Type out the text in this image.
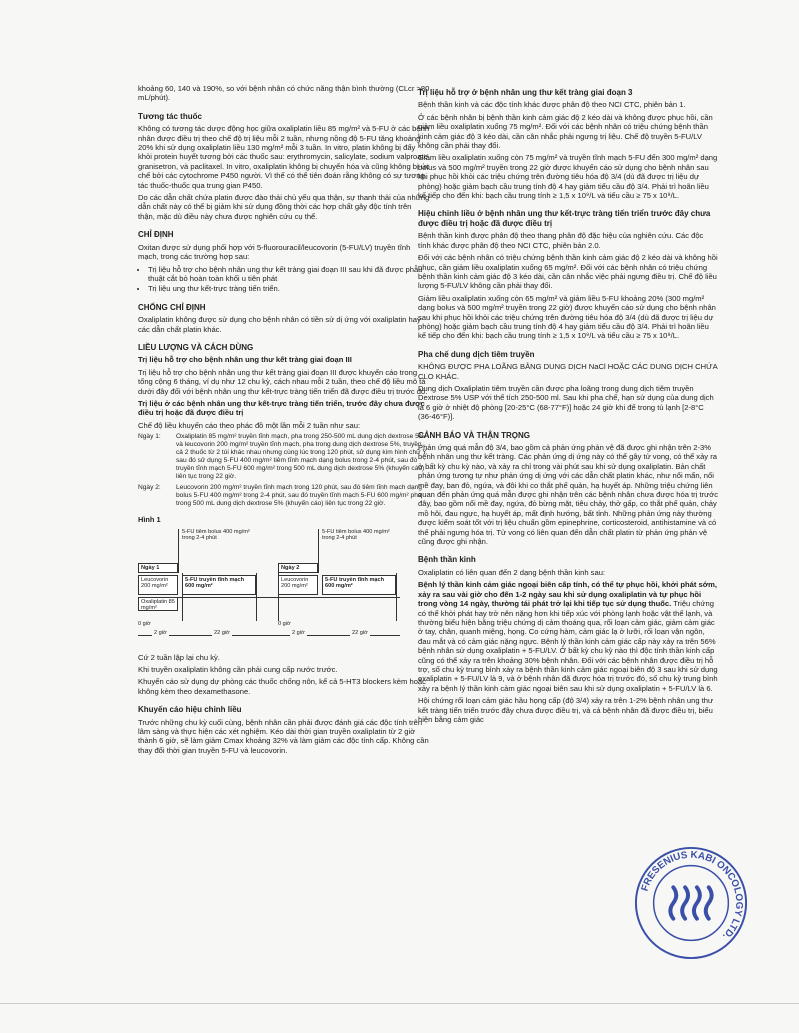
khoảng 60, 140 và 190%, so với bệnh nhân có chức năng thận bình thường (CLcr >80 mL/phút).

Tương tác thuốc

Không có tương tác dược động học giữa oxaliplatin liều 85 mg/m² và 5-FU ở các bệnh nhân được điều trị theo chế độ trị liệu mỗi 2 tuần, nhưng nồng độ 5-FU tăng khoảng 20% khi sử dụng oxaliplatin liều 130 mg/m² mỗi 3 tuần. In vitro, platin không bị đẩy khỏi protein huyết tương bởi các thuốc sau: erythromycin, salicylate, sodium valproate, granisetron, và paclitaxel. In vitro, oxaliplatin không bị chuyển hóa và cũng không bị ức chế bởi các cytochrome P450 người. Vì thế có thể tiên đoán rằng không có sự tương tác thuốc-thuốc qua trung gian P450.

Do các dẫn chất chứa platin được đào thải chủ yếu qua thận, sự thanh thải của những dẫn chất này có thể bị giảm khi sử dụng đồng thời các hợp chất gây độc tính trên thận, mặc dù điều này chưa được nghiên cứu cụ thể.

CHỈ ĐỊNH

Oxitan được sử dụng phối hợp với 5-fluorouracil/leucovorin (5-FU/LV) truyền tĩnh mạch, trong các trường hợp sau:

• Trị liệu hỗ trợ cho bệnh nhân ung thư kết tràng giai đoạn III sau khi đã được phẫu thuật cắt bỏ hoàn toàn khối u tiên phát
• Trị liệu ung thư kết-trực tràng tiến triển.
CHỐNG CHỈ ĐỊNH

Oxaliplatin không được sử dụng cho bệnh nhân có tiền sử dị ứng với oxaliplatin hay các dẫn chất platin khác.

LIỀU LƯỢNG VÀ CÁCH DÙNG

Trị liệu hỗ trợ cho bệnh nhân ung thư kết tràng giai đoạn III

Trị liệu hỗ trợ cho bệnh nhân ung thư kết tràng giai đoạn III được khuyến cáo trong tổng cộng 6 tháng, ví dụ như 12 chu kỳ, cách nhau mỗi 2 tuần, theo chế độ liều mô tả dưới đây đối với bệnh nhân ung thư kết-trực tràng tiến triển đã được điều trị trước đó.

Trị liệu ở các bệnh nhân ung thư kết-trực tràng tiến triển, trước đây chưa được điều trị hoặc đã được điều trị

Chế độ liều khuyến cáo theo phác đồ một lần mỗi 2 tuần như sau:

Ngày 1:	Oxaliplatin 85 mg/m² truyền tĩnh mạch, pha trong 250-500 mL dung dịch dextrose 5% và leucovorin 200 mg/m² truyền tĩnh mạch, pha trong dung dịch dextrose 5%, truyền cả 2 thuốc từ 2 túi khác nhau nhưng cùng lúc trong 120 phút, sử dụng kim hình chữ Y, sau đó sử dụng 5-FU 400 mg/m² tiêm tĩnh mạch dạng bolus trong 2-4 phút, sau đó truyền tĩnh mạch 5-FU 600 mg/m² trong 500 mL dung dịch dextrose 5% (khuyến cáo) liên tục trong 22 giờ.
Ngày 2:	Leucovorin 200 mg/m² truyền tĩnh mạch trong 120 phút, sau đó tiêm tĩnh mạch dạng bolus 5-FU 400 mg/m² trong 2-4 phút, sau đó truyền tĩnh mạch 5-FU 600 mg/m² pha trong 500 mL dung dịch dextrose 5% (khuyến cáo) liên tục trong 22 giờ.
Hình 1
5-FU tiêm bolus 400 mg/m² trong 2-4 phút
5-FU tiêm bolus 400 mg/m² trong 2-4 phút
Ngày 1	Ngày 2
Leucovorin 200 mg/m²
5-FU truyền tĩnh mạch 600 mg/m²
Leucovorin 200 mg/m²
5-FU truyền tĩnh mạch 600 mg/m²
Oxaliplatin 85 mg/m²
0 giờ	0 giờ
2 giờ	22 giờ	2 giờ	22 giờ

Cứ 2 tuần lặp lại chu kỳ.

Khi truyền oxaliplatin không cần phải cung cấp nước trước.

Khuyến cáo sử dụng dự phòng các thuốc chống nôn, kể cả 5-HT3 blockers kèm hoặc không kèm theo dexamethasone.

Khuyến cáo hiệu chỉnh liều

Trước những chu kỳ cuối cùng, bệnh nhân cần phải được đánh giá các độc tính trên lâm sàng và thực hiện các xét nghiệm. Kéo dài thời gian truyền oxaliplatin từ 2 giờ thành 6 giờ, sẽ làm giảm Cmax khoảng 32% và làm giảm các độc tính cấp. Không cần thay đổi thời gian truyền 5-FU và leucovorin.

Trị liệu hỗ trợ ở bệnh nhân ung thư kết tràng giai đoạn 3

Bệnh thần kinh và các độc tính khác được phân độ theo NCI CTC, phiên bản 1.

Ở các bệnh nhân bị bệnh thần kinh cảm giác độ 2 kéo dài và không được phục hồi, cần giảm liều oxaliplatin xuống 75 mg/m². Đối với các bệnh nhân có triệu chứng bệnh thần kinh cảm giác độ 3 kéo dài, cần cân nhắc phải ngưng trị liệu. Chế độ truyền 5-FU/LV không cần phải thay đổi.

Giảm liều oxaliplatin xuống còn 75 mg/m² và truyền tĩnh mạch 5-FU đến 300 mg/m² dạng bolus và 500 mg/m² truyền trong 22 giờ được khuyến cáo sử dụng cho bệnh nhân sau khi phục hồi khỏi các triệu chứng trên đường tiêu hóa độ 3/4 (dù đã được trị liệu dự phòng) hoặc giảm bạch cầu trung tính độ 4 hay giảm tiểu cầu độ 3/4. Phải trì hoãn liều kế tiếp cho đến khi: bạch cầu trung tính ≥ 1,5 x 10⁹/L và tiểu cầu ≥ 75 x 10⁹/L.

Hiệu chỉnh liều ở bệnh nhân ung thư kết-trực tràng tiến triển trước đây chưa được điều trị hoặc đã được điều trị

Bệnh thần kinh được phân độ theo thang phân độ đặc hiệu của nghiên cứu. Các độc tính khác được phân độ theo NCI CTC, phiên bản 2.0.

Đối với các bệnh nhân có triệu chứng bệnh thần kinh cảm giác độ 2 kéo dài và không hồi phục, cần giảm liều oxaliplatin xuống 65 mg/m². Đối với các bệnh nhân có triệu chứng bệnh thần kinh cảm giác độ 3 kéo dài, cần cân nhắc việc phải ngưng điều trị. Chế độ liều lượng 5-FU/LV không cần phải thay đổi.

Giảm liều oxaliplatin xuống còn 65 mg/m² và giảm liều 5-FU khoảng 20% (300 mg/m² dạng bolus và 500 mg/m² truyền trong 22 giờ) được khuyến cáo sử dụng cho bệnh nhân sau khi phục hồi khỏi các triệu chứng trên đường tiêu hóa độ 3/4 (dù đã được trị liệu dự phòng) hoặc giảm bạch cầu trung tính độ 4 hay giảm tiểu cầu độ 3/4. Phải trì hoãn liều kế tiếp cho đến khi: bạch cầu trung tính ≥ 1,5 x 10⁹/L và tiểu cầu ≥ 75 x 10⁹/L.

Pha chế dung dịch tiêm truyền

KHÔNG ĐƯỢC PHA LOÃNG BẰNG DUNG DỊCH NaCl HOẶC CÁC DUNG DỊCH CHỨA CLO KHÁC.

Dung dịch Oxaliplatin tiêm truyền cần được pha loãng trong dung dịch tiêm truyền Dextrose 5% USP với thể tích 250-500 ml. Sau khi pha chế, hạn sử dụng của dung dịch là 6 giờ ở nhiệt độ phòng [20-25°C (68-77°F)] hoặc 24 giờ khi để trong tủ lạnh [2-8°C (36-46°F)].

CẢNH BÁO VÀ THẬN TRỌNG

Phản ứng quá mẫn độ 3/4, bao gồm cả phản ứng phản vệ đã được ghi nhận trên 2-3% bệnh nhân ung thư kết tràng. Các phản ứng dị ứng này có thể gây tử vong, có thể xảy ra ở bất kỳ chu kỳ nào, và xảy ra chỉ trong vài phút sau khi sử dụng oxaliplatin. Bản chất phản ứng tương tự như phản ứng dị ứng với các dẫn chất platin khác, như nổi mẩn, nổi mề đay, ban đỏ, ngứa, và đôi khi co thắt phế quản, hạ huyết áp. Những triệu chứng liên quan đến phản ứng quá mẫn được ghi nhận trên các bệnh nhân chưa được hóa trị trước đây, bao gồm nổi mề đay, ngứa, đỏ bừng mặt, tiêu chảy, thở gấp, co thắt phế quản, chảy mồ hôi, đau ngực, hạ huyết áp, mất định hướng, bất tỉnh. Những phản ứng này thường được kiểm soát tốt với trị liệu chuẩn gồm epinephrine, corticosteroid, antihistamine và có thể phải ngưng hóa trị. Tử vong có liên quan đến dẫn chất platin từ phản ứng phản vệ cũng được ghi nhận.

Bệnh thần kinh

Oxaliplatin có liên quan đến 2 dạng bệnh thần kinh sau:

Bệnh lý thần kinh cảm giác ngoại biên cấp tính, có thể tự phục hồi, khởi phát sớm, xảy ra sau vài giờ cho đến 1-2 ngày sau khi sử dụng oxaliplatin và tự phục hồi trong vòng 14 ngày, thường tái phát trở lại khi tiếp tục sử dụng thuốc. Triệu chứng có thể khởi phát hay trở nên nặng hơn khi tiếp xúc với phòng lạnh hoặc vật thể lạnh, và thường biểu hiện bằng triệu chứng dị cảm thoáng qua, rối loạn cảm giác, giảm cảm giác ở tay, chân, quanh miệng, họng. Co cứng hàm, cảm giác lạ ở lưỡi, rối loạn vận ngôn, đau mắt và có cảm giác nặng ngực. Bệnh lý thần kinh cảm giác cấp này xảy ra trên 56% bệnh nhân sử dụng oxaliplatin + 5-FU/LV. Ở bất kỳ chu kỳ nào thì độc tính thần kinh cấp cũng có thể xảy ra trên khoảng 30% bệnh nhân. Đối với các bệnh nhân được điều trị hỗ trợ, số chu kỳ trung bình xảy ra bệnh thần kinh cảm giác ngoại biên độ 3 sau khi sử dụng oxaliplatin + 5-FU/LV là 9, và ở bệnh nhân đã được hóa trị trước đó, số chu kỳ trung bình xảy ra bệnh lý thần kinh cảm giác ngoại biên sau khi sử dụng oxaliplatin + 5-FU/LV là 6.

Hội chứng rối loạn cảm giác hầu họng cấp (độ 3/4) xảy ra trên 1-2% bệnh nhân ung thư kết tràng tiến triển trước đây chưa được điều trị, và cả bệnh nhân đã được điều trị, biểu hiện bằng cảm giác

FRESENIUS KABI ONCOLOGY LTD.
